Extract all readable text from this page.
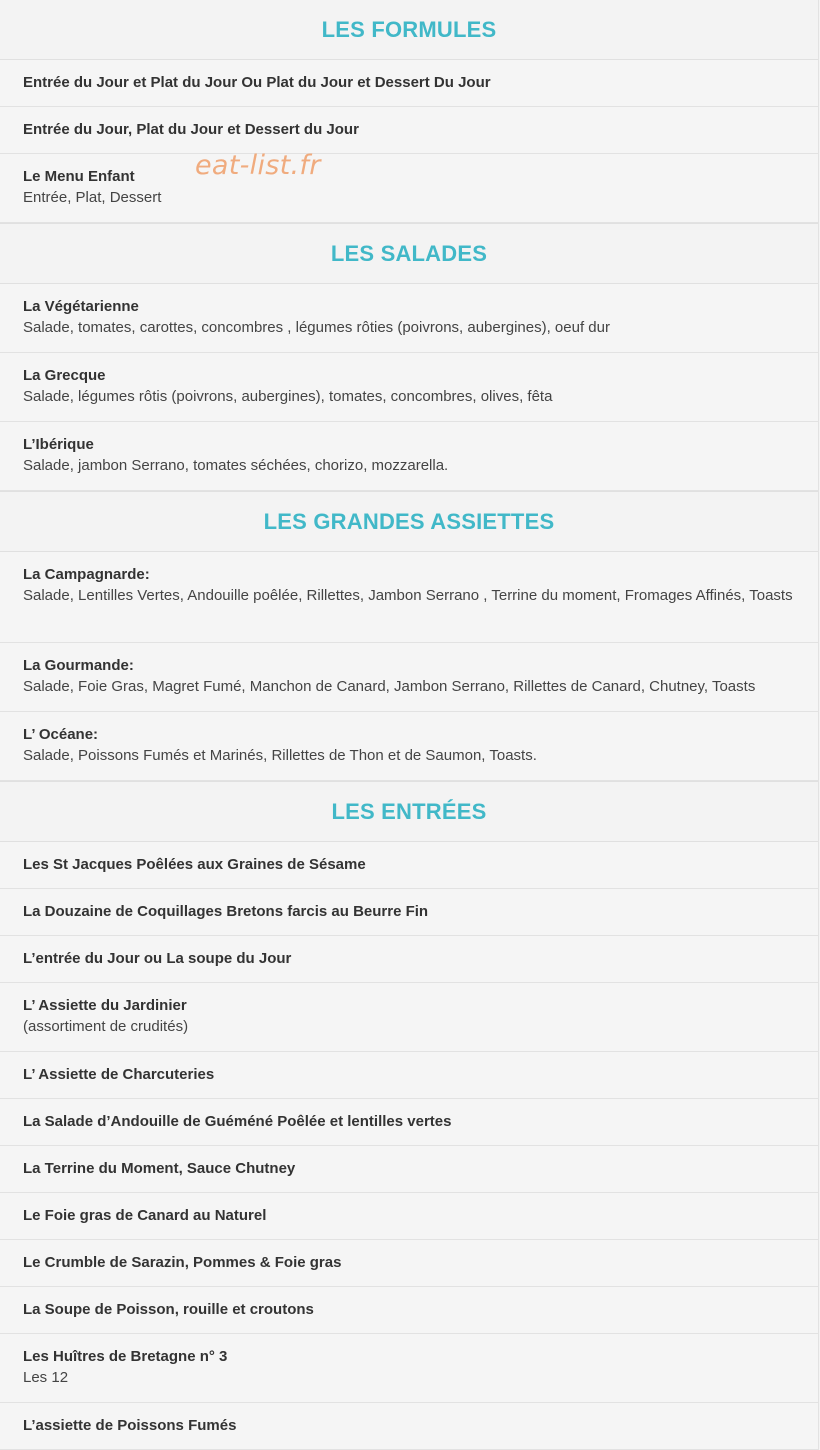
LES FORMULES
Entrée du Jour et Plat du Jour Ou Plat du Jour et Dessert Du Jour
Entrée du Jour, Plat du Jour et Dessert du Jour
Le Menu Enfant
Entrée, Plat, Dessert
LES SALADES
La Végétarienne
Salade, tomates, carottes, concombres , légumes rôties (poivrons, aubergines), oeuf dur
La Grecque
Salade, légumes rôtis (poivrons, aubergines), tomates, concombres, olives, fêta
L’Ibérique
Salade, jambon Serrano, tomates séchées, chorizo, mozzarella.
LES GRANDES ASSIETTES
La Campagnarde:
Salade, Lentilles Vertes, Andouille poêlée, Rillettes, Jambon Serrano , Terrine du moment, Fromages Affinés, Toasts
La Gourmande:
Salade, Foie Gras, Magret Fumé, Manchon de Canard, Jambon Serrano, Rillettes de Canard, Chutney, Toasts
L’ Océane:
Salade, Poissons Fumés et Marinés, Rillettes de Thon et de Saumon, Toasts.
LES ENTRÉES
Les St Jacques Poêlées aux Graines de Sésame
La Douzaine de Coquillages Bretons farcis au Beurre Fin
L’entrée du Jour ou La soupe du Jour
L’ Assiette du Jardinier
(assortiment de crudités)
L’ Assiette de Charcuteries
La Salade d’Andouille de Guéméné Poêlée et lentilles vertes
La Terrine du Moment, Sauce Chutney
Le Foie gras de Canard au Naturel
Le Crumble de Sarazin, Pommes & Foie gras
La Soupe de Poisson, rouille et croutons
Les Huîtres de Bretagne n° 3
Les 12
L’assiette de Poissons Fumés
eat-list.fr
